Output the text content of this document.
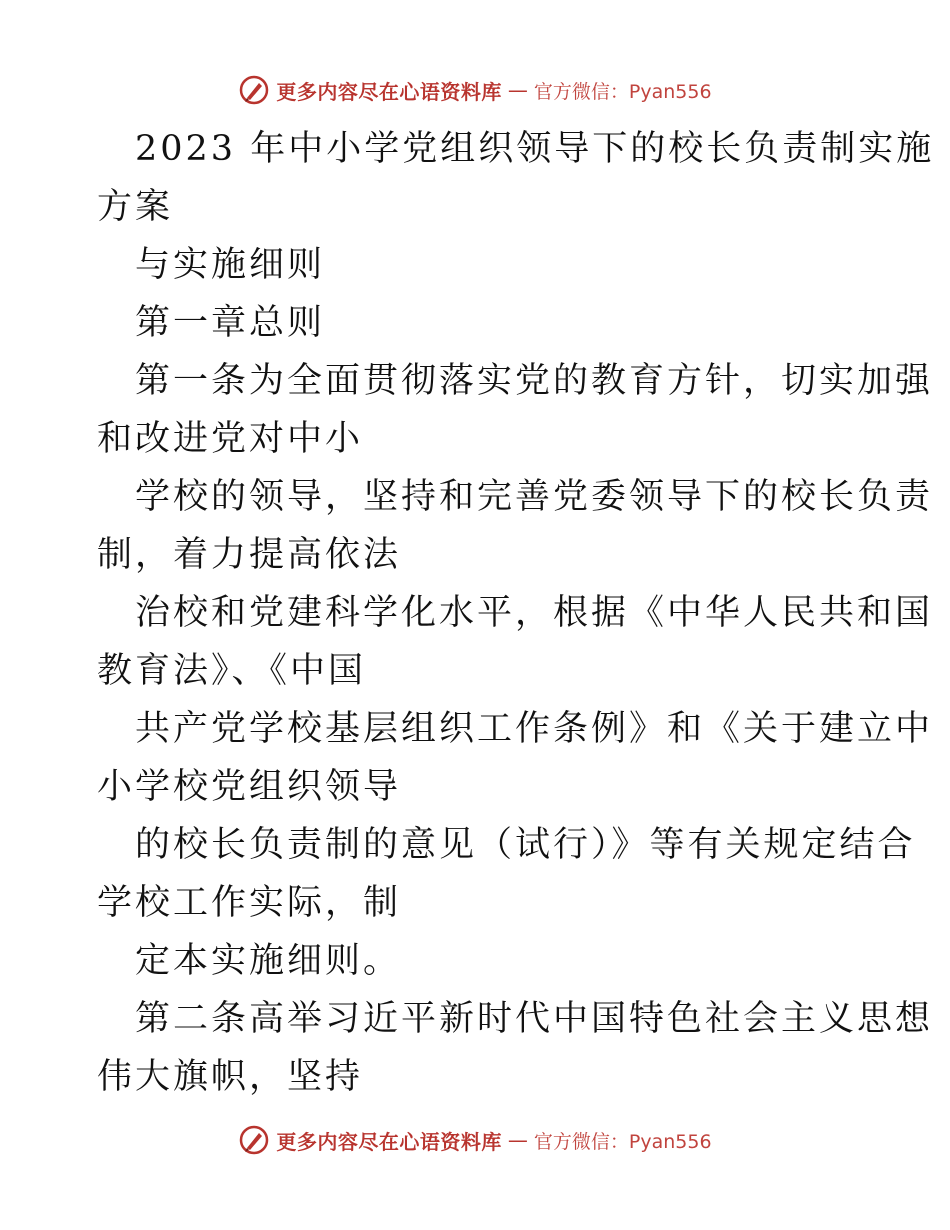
更多内容尽在心语资料库 — 官方微信：Pyan556
2023 年中小学党组织领导下的校长负责制实施
方案
与实施细则
第一章总则
第一条为全面贯彻落实党的教育方针，切实加强
和改进党对中小
学校的领导，坚持和完善党委领导下的校长负责
制，着力提高依法
治校和党建科学化水平，根据《中华人民共和国
教育法》、《中国
共产党学校基层组织工作条例》和《关于建立中
小学校党组织领导
的校长负责制的意见（试行）》等有关规定结合
学校工作实际，制
定本实施细则。
第二条高举习近平新时代中国特色社会主义思想
伟大旗帜，坚持
更多内容尽在心语资料库 — 官方微信：Pyan556
